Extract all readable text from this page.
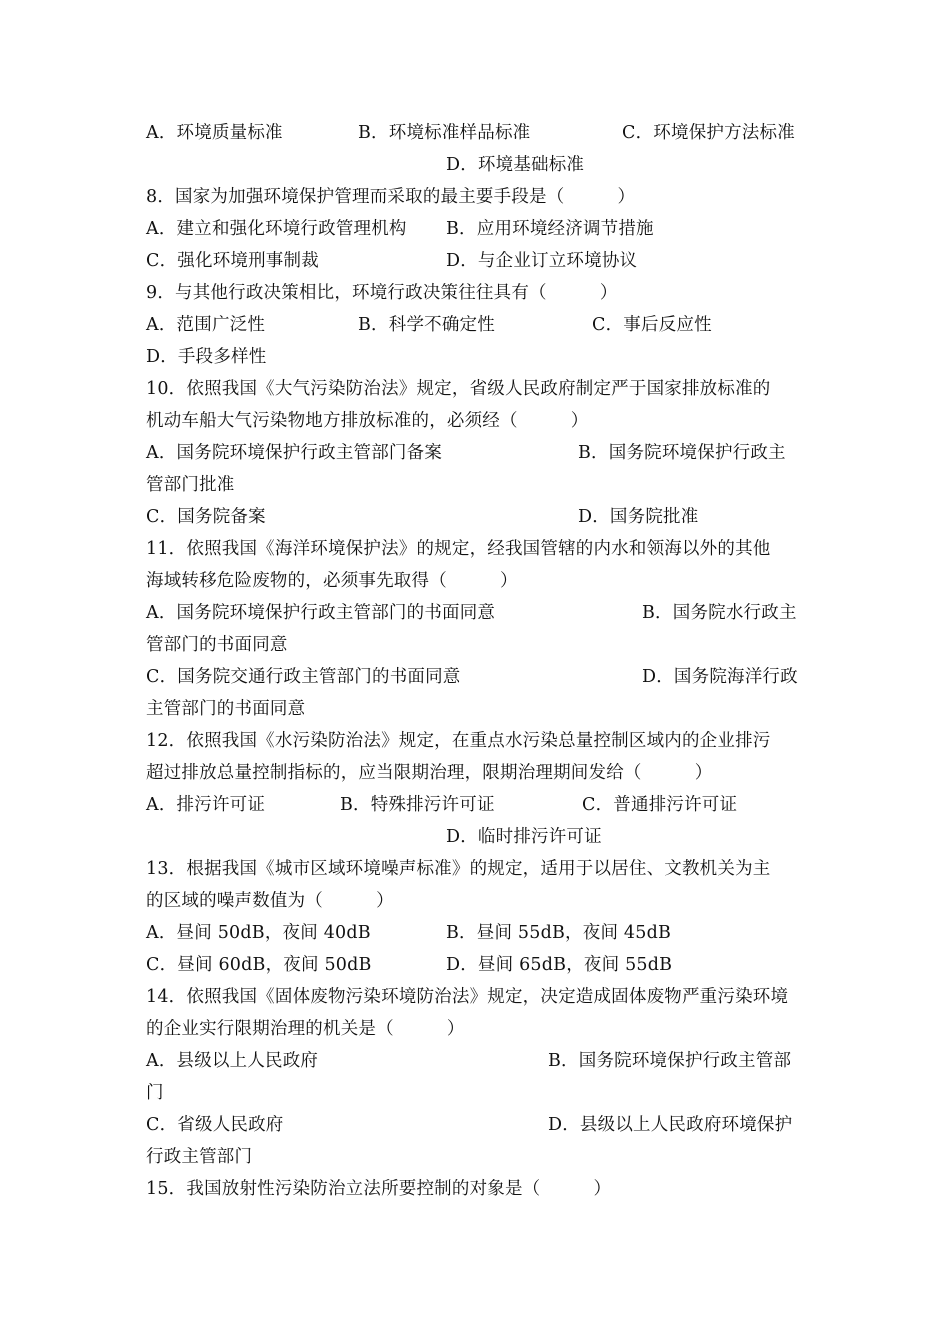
A．环境质量标准	B．环境标准样品标准	C．环境保护方法标准
D．环境基础标准
8．国家为加强环境保护管理而采取的最主要手段是（　　　）
A．建立和强化环境行政管理机构 B．应用环境经济调节措施
C．强化环境刑事制裁	D．与企业订立环境协议
9．与其他行政决策相比，环境行政决策往往具有（　　　）
A．范围广泛性	B．科学不确定性	C．事后反应性
D．手段多样性
10．依照我国《大气污染防治法》规定，省级人民政府制定严于国家排放标准的
机动车船大气污染物地方排放标准的，必须经（　　　）
A．国务院环境保护行政主管部门备案	B．国务院环境保护行政主
管部门批准
C．国务院备案	D．国务院批准
11．依照我国《海洋环境保护法》的规定，经我国管辖的内水和领海以外的其他
海域转移危险废物的，必须事先取得（　　　）
A．国务院环境保护行政主管部门的书面同意	B．国务院水行政主
管部门的书面同意
C．国务院交通行政主管部门的书面同意	D．国务院海洋行政
主管部门的书面同意
12．依照我国《水污染防治法》规定，在重点水污染总量控制区域内的企业排污
超过排放总量控制指标的，应当限期治理，限期治理期间发给（　　　）
A．排污许可证	B．特殊排污许可证	C．普通排污许可证
D．临时排污许可证
13．根据我国《城市区域环境噪声标准》的规定，适用于以居住、文教机关为主
的区域的噪声数值为（　　　）
A．昼间 50dB，夜间 40dB	B．昼间 55dB，夜间 45dB
C．昼间 60dB，夜间 50dB	D．昼间 65dB，夜间 55dB
14．依照我国《固体废物污染环境防治法》规定，决定造成固体废物严重污染环境
的企业实行限期治理的机关是（　　　）
A．县级以上人民政府	B．国务院环境保护行政主管部
门
C．省级人民政府	D．县级以上人民政府环境保护
行政主管部门
15．我国放射性污染防治立法所要控制的对象是（　　　）
